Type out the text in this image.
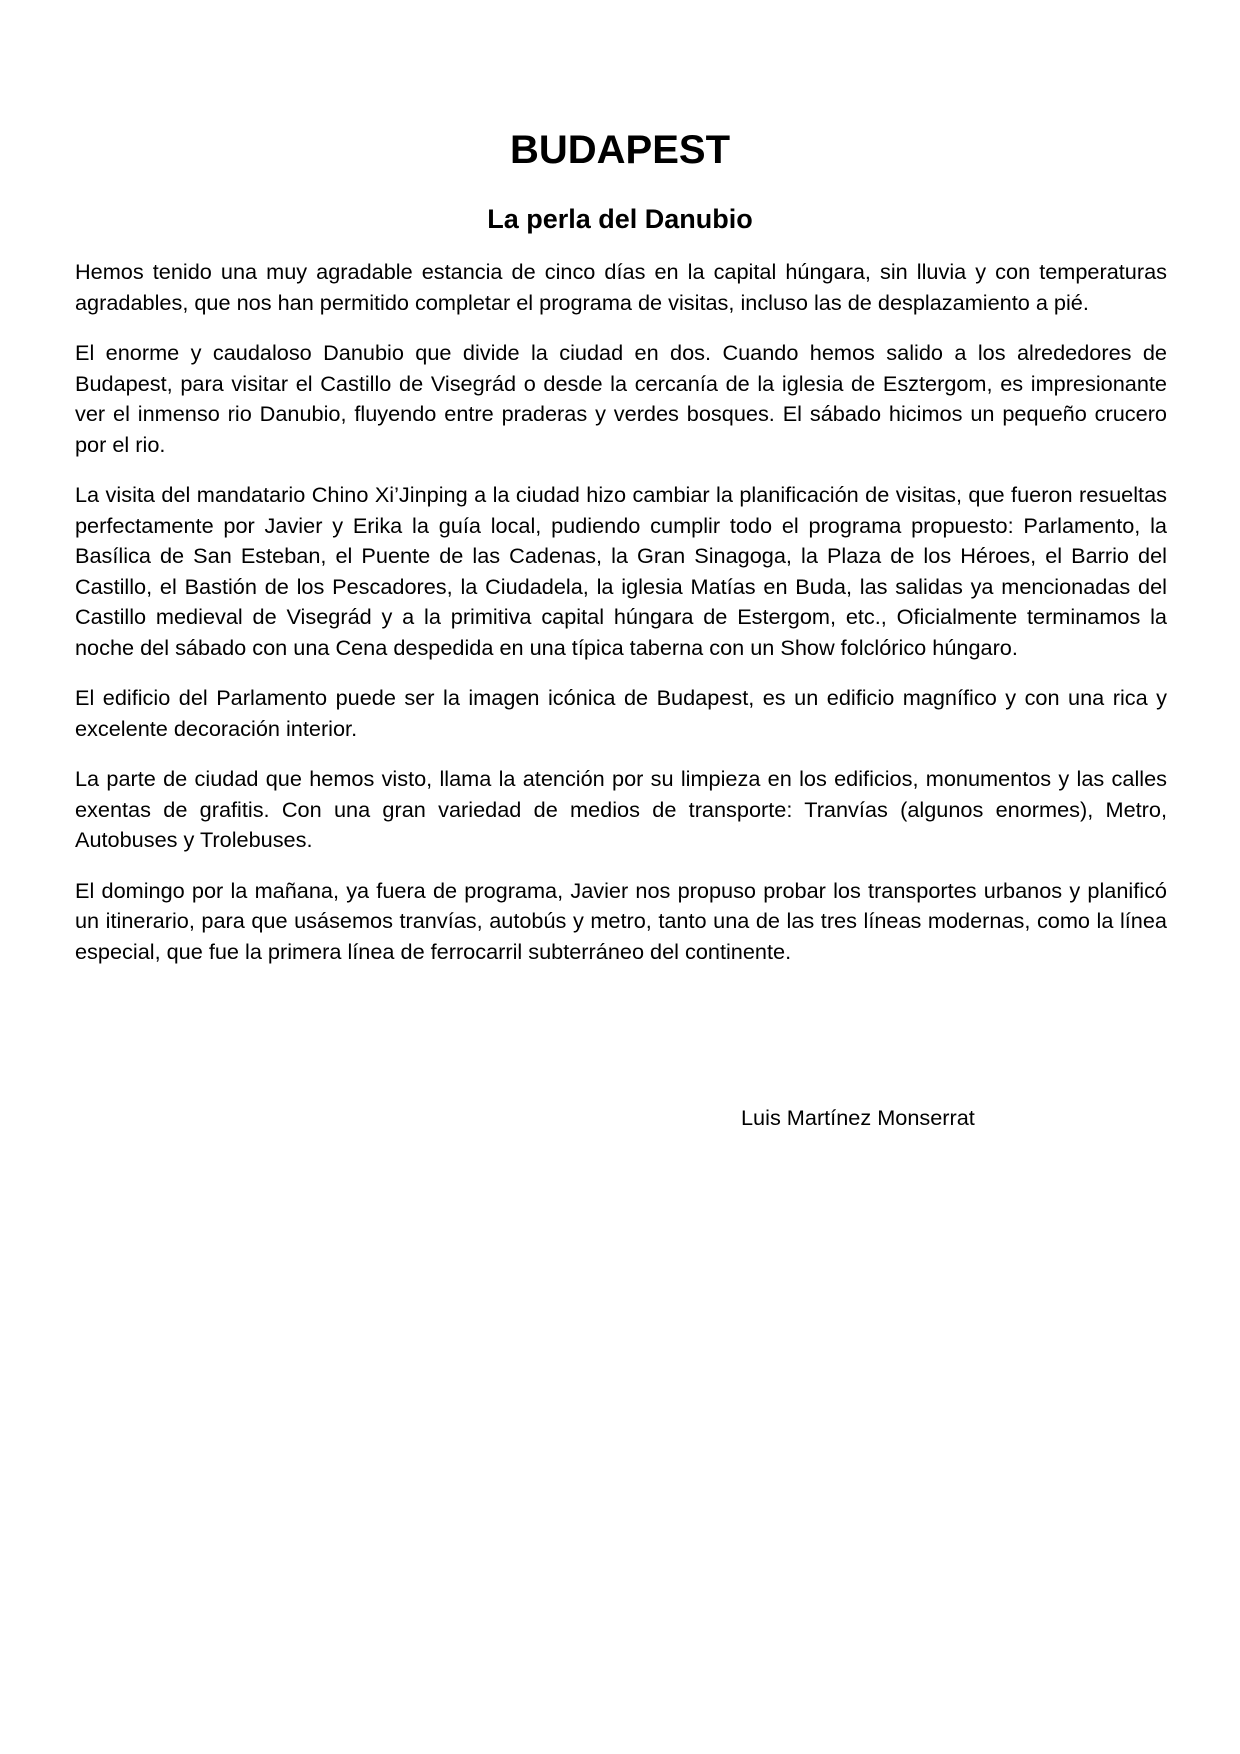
BUDAPEST
La perla del Danubio

Hemos tenido una muy agradable estancia de cinco días en la capital húngara, sin lluvia y con temperaturas agradables, que nos han permitido completar el programa de visitas, incluso las de desplazamiento a pié.

El enorme y caudaloso Danubio que divide la ciudad en dos. Cuando hemos salido a los alrededores de Budapest, para visitar el Castillo de Visegrád o desde la cercanía de la iglesia de Esztergom, es impresionante ver el inmenso rio Danubio, fluyendo entre praderas y verdes bosques. El sábado hicimos un pequeño crucero por el rio.

La visita del mandatario Chino Xi’Jinping a la ciudad hizo cambiar la planificación de visitas, que fueron resueltas perfectamente por Javier y Erika la guía local, pudiendo cumplir todo el programa propuesto: Parlamento, la Basílica de San Esteban, el Puente de las Cadenas, la Gran Sinagoga, la Plaza de los Héroes, el Barrio del Castillo, el Bastión de los Pescadores, la Ciudadela, la iglesia Matías en Buda, las salidas ya mencionadas del Castillo medieval de Visegrád y a la primitiva capital húngara de Estergom, etc., Oficialmente terminamos la noche del sábado con una Cena despedida en una típica taberna con un Show folclórico húngaro.

El edificio del Parlamento puede ser la imagen icónica de Budapest, es un edificio magnífico y con una rica y excelente decoración interior.

La parte de ciudad que hemos visto, llama la atención por su limpieza en los edificios, monumentos y las calles exentas de grafitis. Con una gran variedad de medios de transporte: Tranvías (algunos enormes), Metro, Autobuses y Trolebuses.

El domingo por la mañana, ya fuera de programa, Javier nos propuso probar los transportes urbanos y planificó un itinerario, para que usásemos tranvías, autobús y metro, tanto una de las tres líneas modernas, como la línea especial, que fue la primera línea de ferrocarril subterráneo del continente.

Luis Martínez Monserrat
